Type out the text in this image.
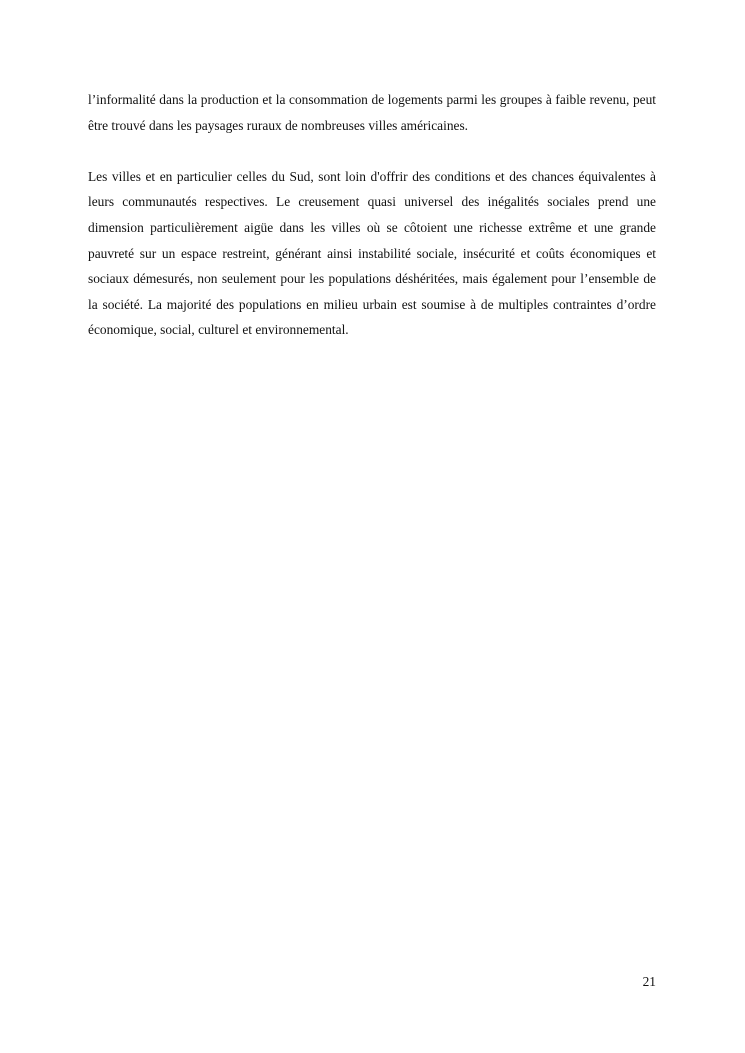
l’informalité dans la production et la consommation de logements parmi les groupes à faible revenu, peut être trouvé dans les paysages ruraux de nombreuses villes américaines.

Les villes et en particulier celles du Sud, sont loin d'offrir des conditions et des chances équivalentes à leurs communautés respectives. Le creusement quasi universel des inégalités sociales prend une dimension particulièrement aigüe dans les villes où se côtoient une richesse extrême et une grande pauvreté sur un espace restreint, générant ainsi instabilité sociale, insécurité et coûts économiques et sociaux démesurés, non seulement pour les populations déshéritées, mais également pour l’ensemble de la société. La majorité des populations en milieu urbain est soumise à de multiples contraintes d’ordre économique, social, culturel et environnemental.

21
